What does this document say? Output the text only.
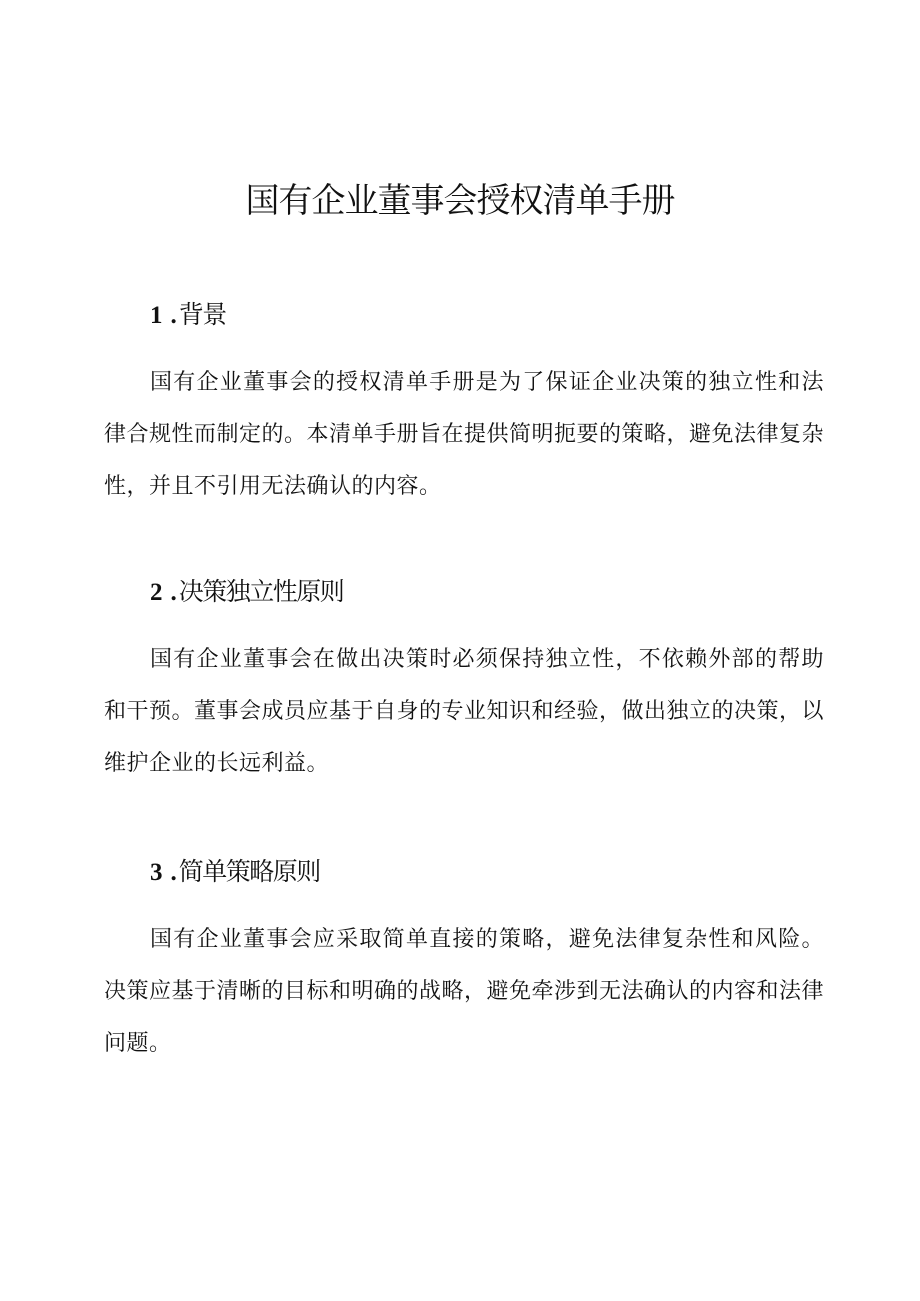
国有企业董事会授权清单手册
1 .背景

国有企业董事会的授权清单手册是为了保证企业决策的独立性和法律合规性而制定的。本清单手册旨在提供简明扼要的策略，避免法律复杂性，并且不引用无法确认的内容。

2 .决策独立性原则

国有企业董事会在做出决策时必须保持独立性，不依赖外部的帮助和干预。董事会成员应基于自身的专业知识和经验，做出独立的决策，以维护企业的长远利益。

3 .简单策略原则

国有企业董事会应采取简单直接的策略，避免法律复杂性和风险。决策应基于清晰的目标和明确的战略，避免牵涉到无法确认的内容和法律问题。
